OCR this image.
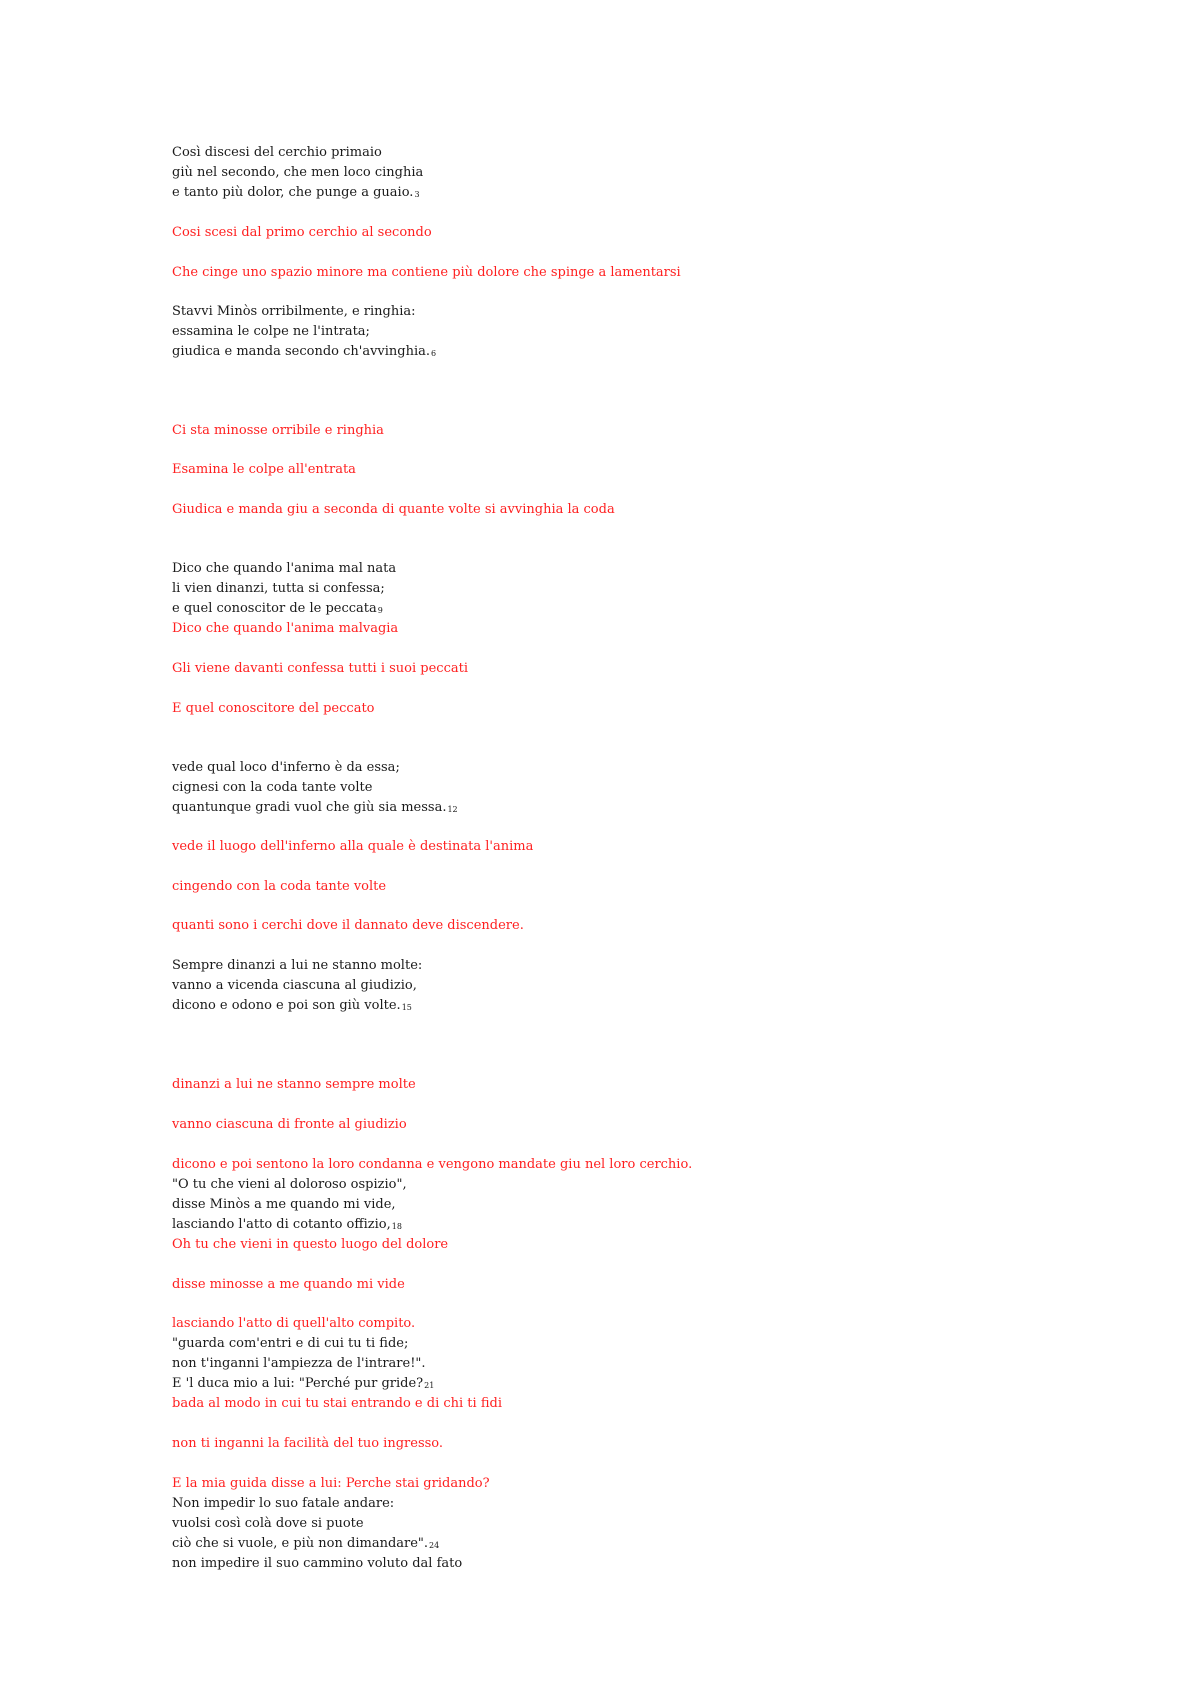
Così discesi del cerchio primaio
giù nel secondo, che men loco cinghia
e tanto più dolor, che punge a guaio.3
Cosi scesi dal primo cerchio al secondo
Che cinge uno spazio minore ma contiene più dolore che spinge a lamentarsi
Stavvi Minòs orribilmente, e ringhia:
essamina le colpe ne l'intrata;
giudica e manda secondo ch'avvinghia.6
Ci sta minosse orribile e ringhia
Esamina le colpe all'entrata
Giudica e manda giu a seconda di quante volte si avvinghia la coda
Dico che quando l'anima mal nata
li vien dinanzi, tutta si confessa;
e quel conoscitor de le peccata9
Dico che quando l'anima malvagia
Gli viene davanti confessa tutti i suoi peccati
E quel conoscitore del peccato
vede qual loco d'inferno è da essa;
cignesi con la coda tante volte
quantunque gradi vuol che giù sia messa.12
vede il luogo dell'inferno alla quale è destinata l'anima
cingendo con la coda tante volte
quanti sono i cerchi dove il dannato deve discendere.
Sempre dinanzi a lui ne stanno molte:
vanno a vicenda ciascuna al giudizio,
dicono e odono e poi son giù volte.15
dinanzi a lui ne stanno sempre molte
vanno ciascuna di fronte al giudizio
dicono e poi sentono la loro condanna e vengono mandate giu nel loro cerchio.
"O tu che vieni al doloroso ospizio",
disse Minòs a me quando mi vide,
lasciando l'atto di cotanto offizio,18
Oh tu che vieni in questo luogo del dolore
disse minosse a me quando mi vide
lasciando l'atto di quell'alto compito.
"guarda com'entri e di cui tu ti fide;
non t'inganni l'ampiezza de l'intrare!".
E 'l duca mio a lui: "Perché pur gride?21
bada al modo in cui tu stai entrando e di chi ti fidi
non ti inganni la facilità del tuo ingresso.
E la mia guida disse a lui: Perche stai gridando?
Non impedir lo suo fatale andare:
vuolsi così colà dove si puote
ciò che si vuole, e più non dimandare".24
non impedire il suo cammino voluto dal fato
